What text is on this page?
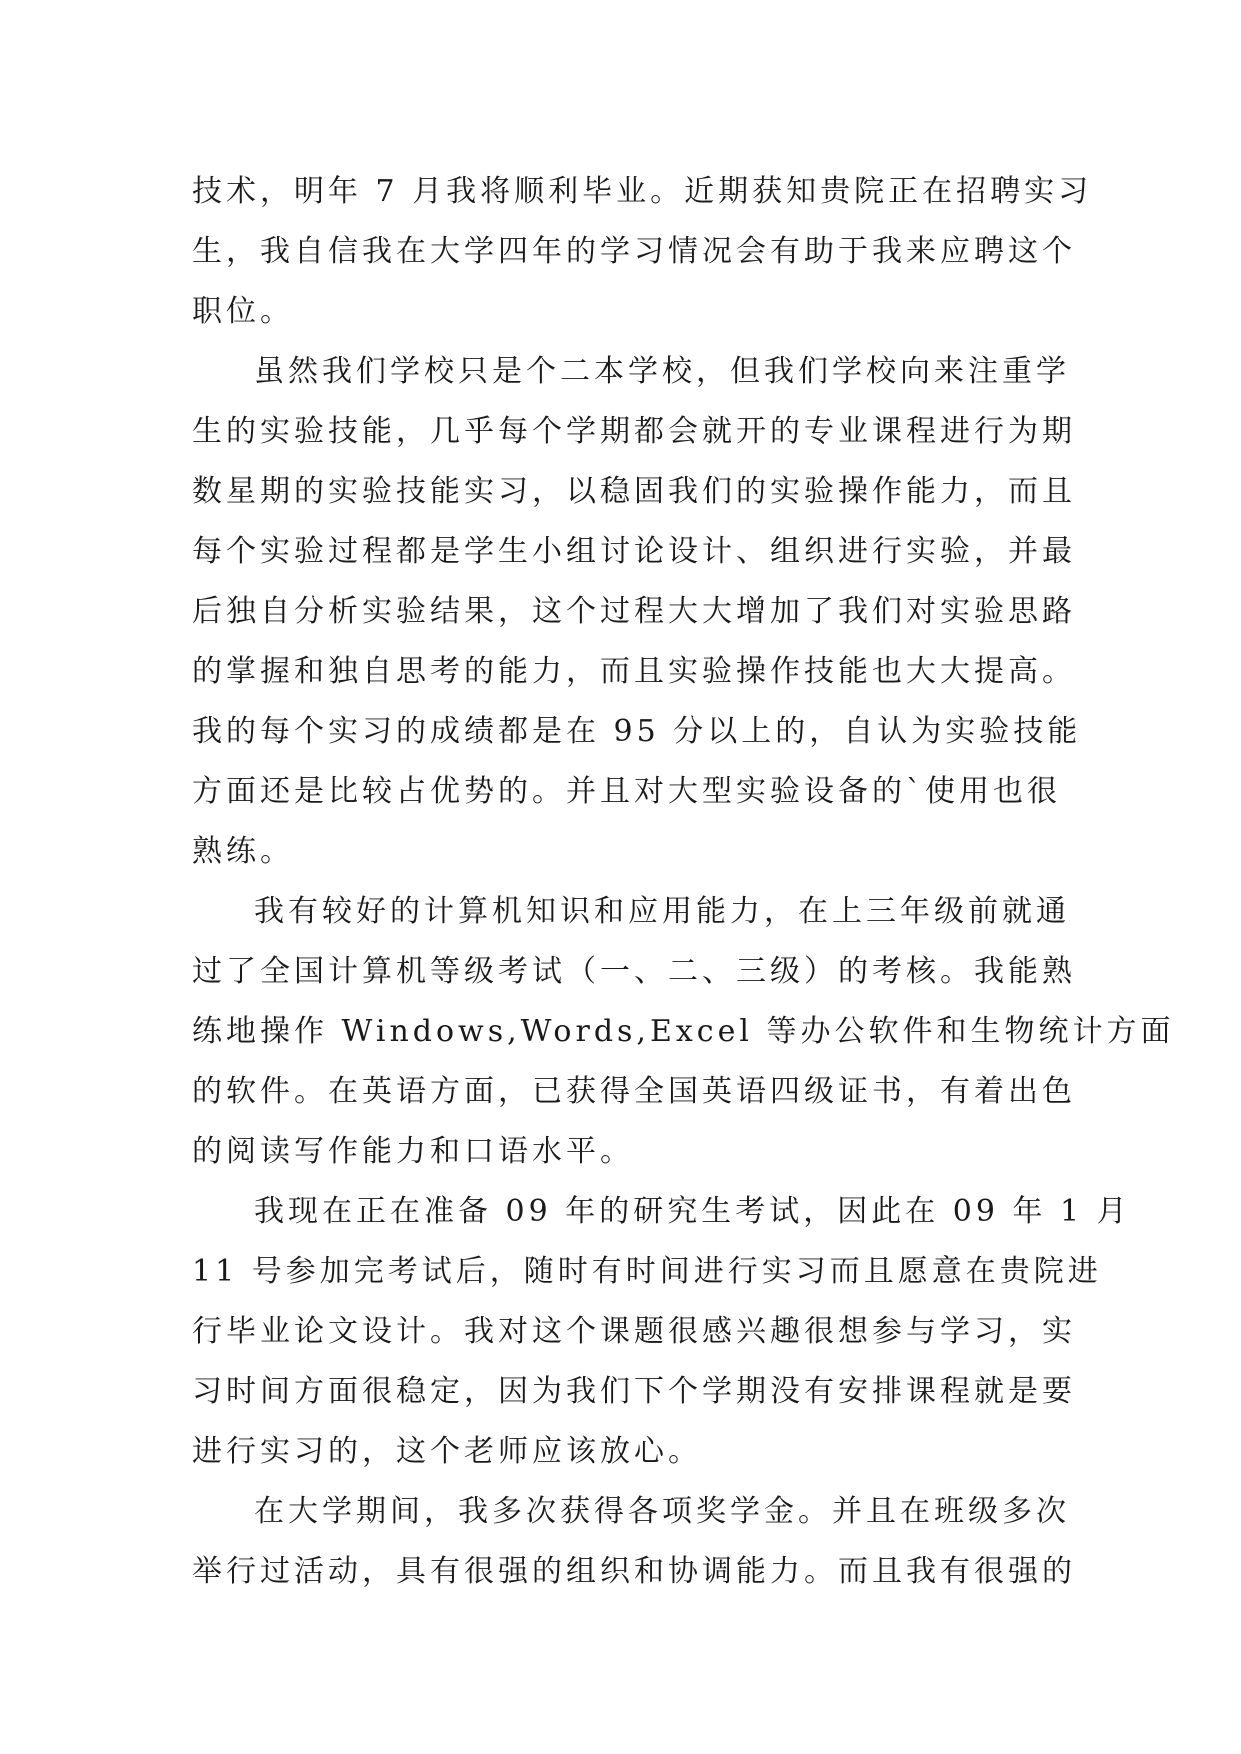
技术，明年 7 月我将顺利毕业。近期获知贵院正在招聘实习
生，我自信我在大学四年的学习情况会有助于我来应聘这个
职位。
虽然我们学校只是个二本学校，但我们学校向来注重学
生的实验技能，几乎每个学期都会就开的专业课程进行为期
数星期的实验技能实习，以稳固我们的实验操作能力，而且
每个实验过程都是学生小组讨论设计、组织进行实验，并最
后独自分析实验结果，这个过程大大增加了我们对实验思路
的掌握和独自思考的能力，而且实验操作技能也大大提高。
我的每个实习的成绩都是在 95 分以上的，自认为实验技能
方面还是比较占优势的。并且对大型实验设备的`使用也很
熟练。
我有较好的计算机知识和应用能力，在上三年级前就通
过了全国计算机等级考试（一、二、三级）的考核。我能熟
练地操作 Windows,Words,Excel 等办公软件和生物统计方面
的软件。在英语方面，已获得全国英语四级证书，有着出色
的阅读写作能力和口语水平。
我现在正在准备 09 年的研究生考试，因此在 09 年 1 月
11 号参加完考试后，随时有时间进行实习而且愿意在贵院进
行毕业论文设计。我对这个课题很感兴趣很想参与学习，实
习时间方面很稳定，因为我们下个学期没有安排课程就是要
进行实习的，这个老师应该放心。
在大学期间，我多次获得各项奖学金。并且在班级多次
举行过活动，具有很强的组织和协调能力。而且我有很强的
